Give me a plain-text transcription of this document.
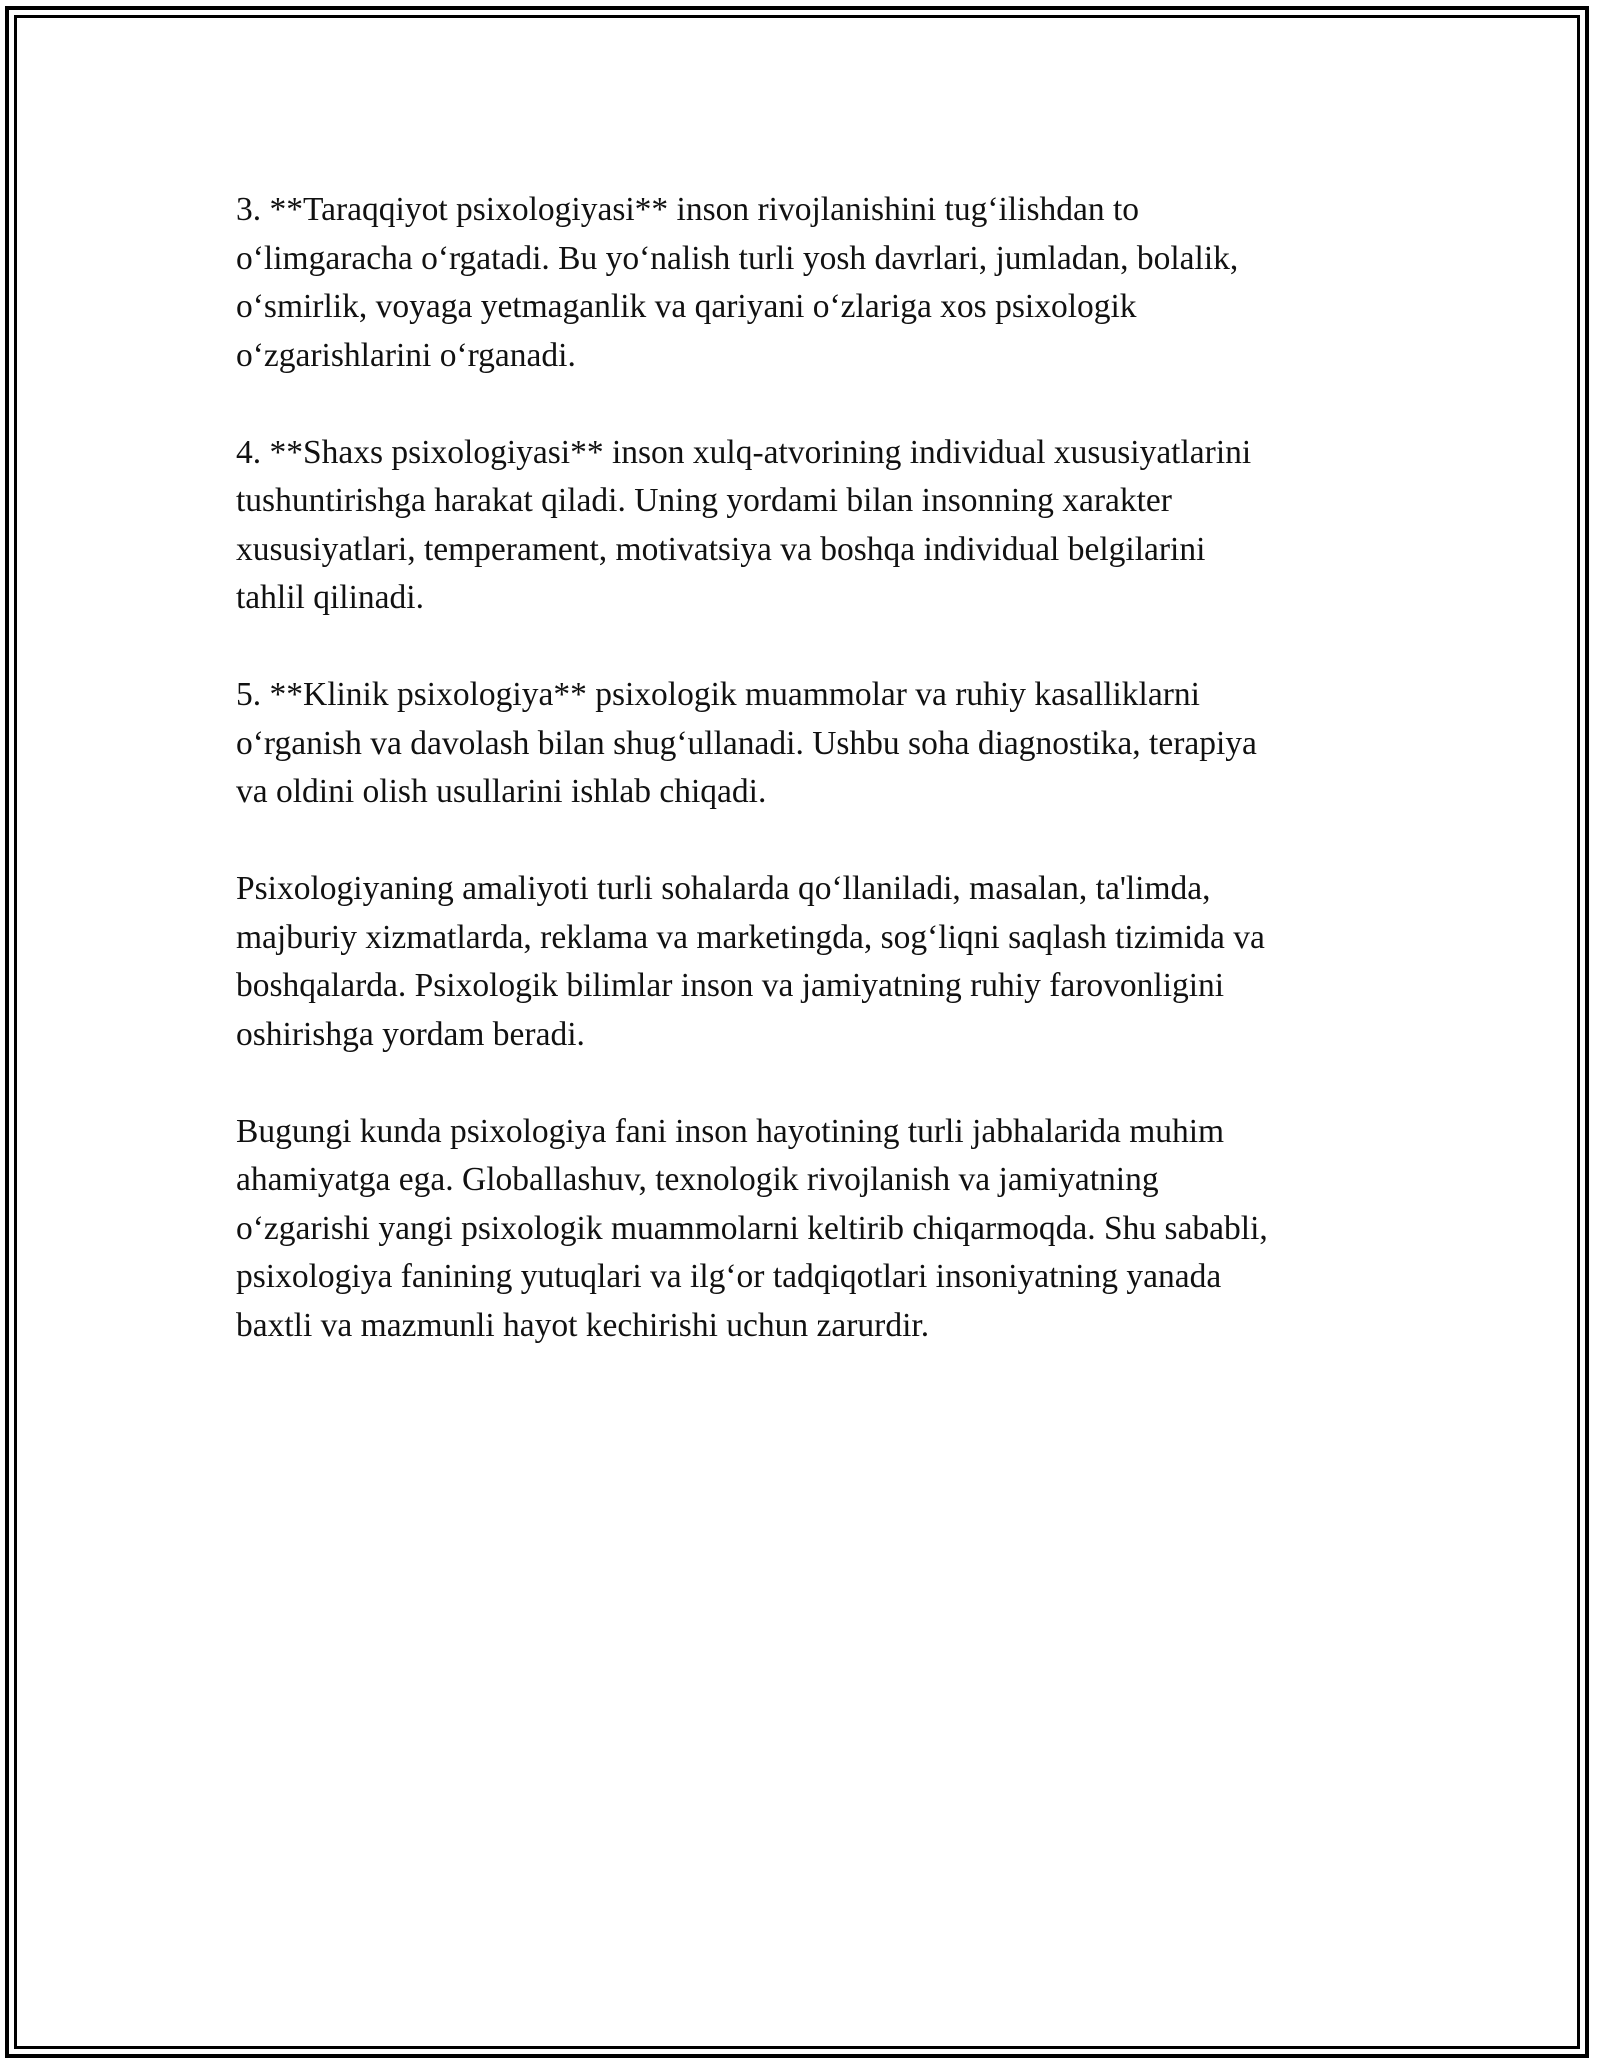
3. **Taraqqiyot psixologiyasi** inson rivojlanishini tug‘ilishdan to
o‘limgaracha o‘rgatadi. Bu yo‘nalish turli yosh davrlari, jumladan, bolalik,
o‘smirlik, voyaga yetmaganlik va qariyani o‘zlariga xos psixologik
o‘zgarishlarini o‘rganadi.

4. **Shaxs psixologiyasi** inson xulq-atvorining individual xususiyatlarini
tushuntirishga harakat qiladi. Uning yordami bilan insonning xarakter
xususiyatlari, temperament, motivatsiya va boshqa individual belgilarini
tahlil qilinadi.

5. **Klinik psixologiya** psixologik muammolar va ruhiy kasalliklarni
o‘rganish va davolash bilan shug‘ullanadi. Ushbu soha diagnostika, terapiya
va oldini olish usullarini ishlab chiqadi.

Psixologiyaning amaliyoti turli sohalarda qo‘llaniladi, masalan, ta'limda,
majburiy xizmatlarda, reklama va marketingda, sog‘liqni saqlash tizimida va
boshqalarda. Psixologik bilimlar inson va jamiyatning ruhiy farovonligini
oshirishga yordam beradi.

Bugungi kunda psixologiya fani inson hayotining turli jabhalarida muhim
ahamiyatga ega. Globallashuv, texnologik rivojlanish va jamiyatning
o‘zgarishi yangi psixologik muammolarni keltirib chiqarmoqda. Shu sababli,
psixologiya fanining yutuqlari va ilg‘or tadqiqotlari insoniyatning yanada
baxtli va mazmunli hayot kechirishi uchun zarurdir.
